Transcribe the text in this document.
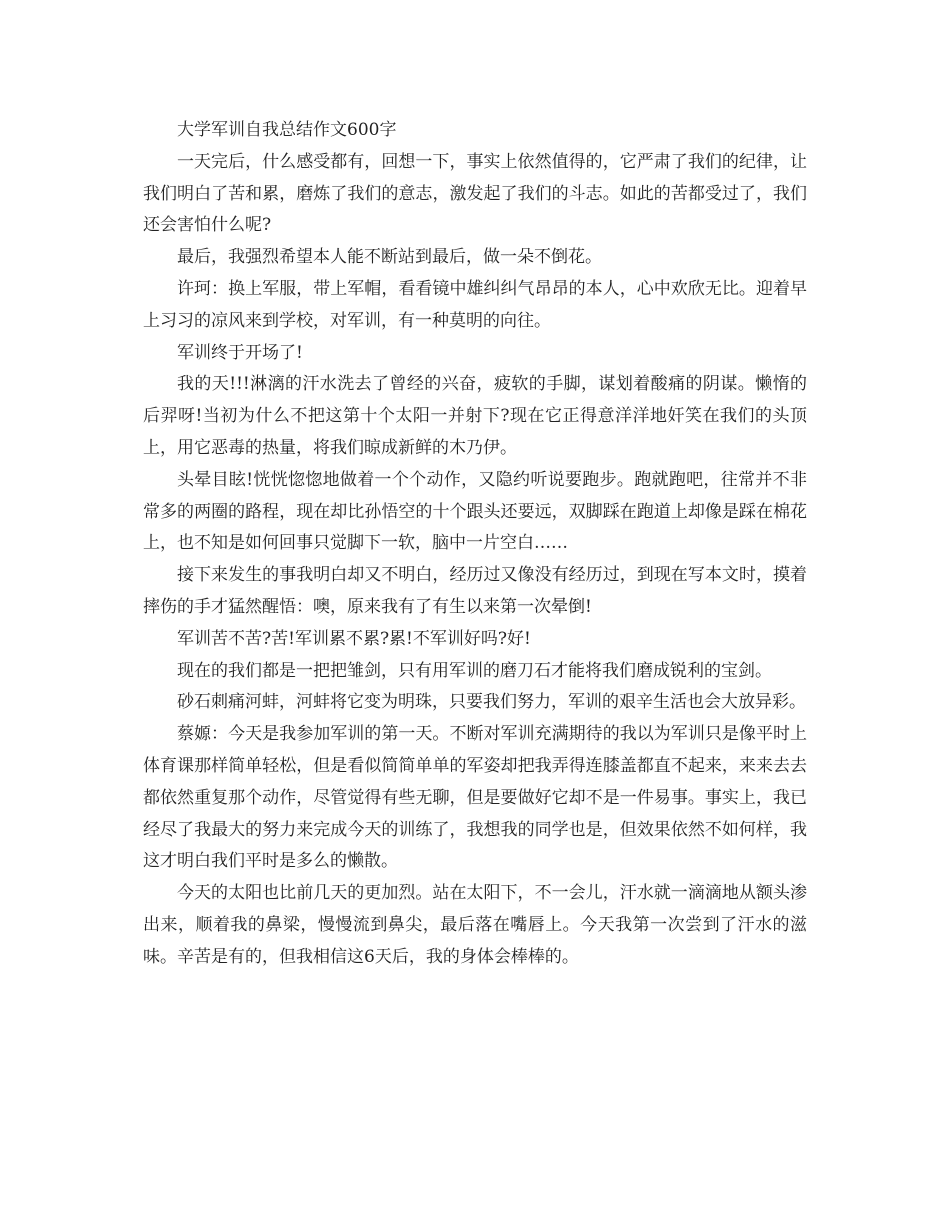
大学军训自我总结作文600字

一天完后，什么感受都有，回想一下，事实上依然值得的，它严肃了我们的纪律，让我们明白了苦和累，磨炼了我们的意志，激发起了我们的斗志。如此的苦都受过了，我们还会害怕什么呢?

最后，我强烈希望本人能不断站到最后，做一朵不倒花。

许珂：换上军服，带上军帽，看看镜中雄纠纠气昂昂的本人，心中欢欣无比。迎着早上习习的凉风来到学校，对军训，有一种莫明的向往。

军训终于开场了!

我的天!!!淋漓的汗水洗去了曾经的兴奋，疲软的手脚，谋划着酸痛的阴谋。懒惰的后羿呀!当初为什么不把这第十个太阳一并射下?现在它正得意洋洋地奸笑在我们的头顶上，用它恶毒的热量，将我们晾成新鲜的木乃伊。

头晕目眩!恍恍惚惚地做着一个个动作，又隐约听说要跑步。跑就跑吧，往常并不非常多的两圈的路程，现在却比孙悟空的十个跟头还要远，双脚踩在跑道上却像是踩在棉花上，也不知是如何回事只觉脚下一软，脑中一片空白……

接下来发生的事我明白却又不明白，经历过又像没有经历过，到现在写本文时，摸着摔伤的手才猛然醒悟：噢，原来我有了有生以来第一次晕倒!

军训苦不苦?苦!军训累不累?累!不军训好吗?好!

现在的我们都是一把把雏剑，只有用军训的磨刀石才能将我们磨成锐利的宝剑。

砂石刺痛河蚌，河蚌将它变为明珠，只要我们努力，军训的艰辛生活也会大放异彩。

蔡嫄：今天是我参加军训的第一天。不断对军训充满期待的我以为军训只是像平时上体育课那样简单轻松，但是看似简简单单的军姿却把我弄得连膝盖都直不起来，来来去去都依然重复那个动作，尽管觉得有些无聊，但是要做好它却不是一件易事。事实上，我已经尽了我最大的努力来完成今天的训练了，我想我的同学也是，但效果依然不如何样，我这才明白我们平时是多么的懒散。

今天的太阳也比前几天的更加烈。站在太阳下，不一会儿，汗水就一滴滴地从额头渗出来，顺着我的鼻梁，慢慢流到鼻尖，最后落在嘴唇上。今天我第一次尝到了汗水的滋味。辛苦是有的，但我相信这6天后，我的身体会棒棒的。
